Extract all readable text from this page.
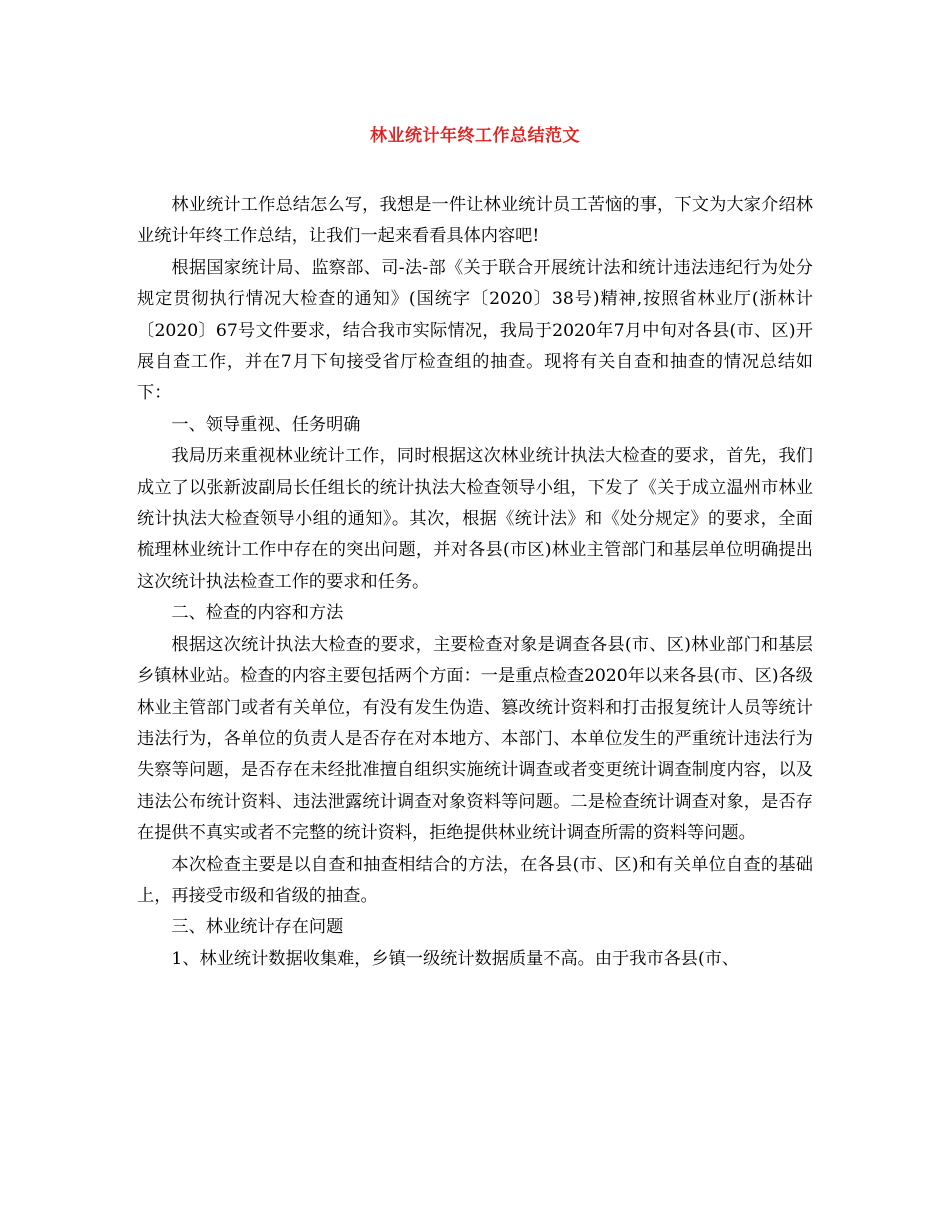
林业统计年终工作总结范文

林业统计工作总结怎么写，我想是一件让林业统计员工苦恼的事，下文为大家介绍林业统计年终工作总结，让我们一起来看看具体内容吧!

根据国家统计局、监察部、司-法-部《关于联合开展统计法和统计违法违纪行为处分规定贯彻执行情况大检查的通知》(国统字〔2020〕38号)精神,按照省林业厅(浙林计〔2020〕67号文件要求，结合我市实际情况，我局于2020年7月中旬对各县(市、区)开展自查工作，并在7月下旬接受省厅检查组的抽查。现将有关自查和抽查的情况总结如下：

一、领导重视、任务明确

我局历来重视林业统计工作，同时根据这次林业统计执法大检查的要求，首先，我们成立了以张新波副局长任组长的统计执法大检查领导小组，下发了《关于成立温州市林业统计执法大检查领导小组的通知》。其次，根据《统计法》和《处分规定》的要求，全面梳理林业统计工作中存在的突出问题，并对各县(市区)林业主管部门和基层单位明确提出这次统计执法检查工作的要求和任务。

二、检查的内容和方法

根据这次统计执法大检查的要求，主要检查对象是调查各县(市、区)林业部门和基层乡镇林业站。检查的内容主要包括两个方面：一是重点检查2020年以来各县(市、区)各级林业主管部门或者有关单位，有没有发生伪造、篡改统计资料和打击报复统计人员等统计违法行为，各单位的负责人是否存在对本地方、本部门、本单位发生的严重统计违法行为失察等问题，是否存在未经批准擅自组织实施统计调查或者变更统计调查制度内容，以及违法公布统计资料、违法泄露统计调查对象资料等问题。二是检查统计调查对象，是否存在提供不真实或者不完整的统计资料，拒绝提供林业统计调查所需的资料等问题。

本次检查主要是以自查和抽查相结合的方法，在各县(市、区)和有关单位自查的基础上，再接受市级和省级的抽查。

三、林业统计存在问题

1、林业统计数据收集难，乡镇一级统计数据质量不高。由于我市各县(市、
